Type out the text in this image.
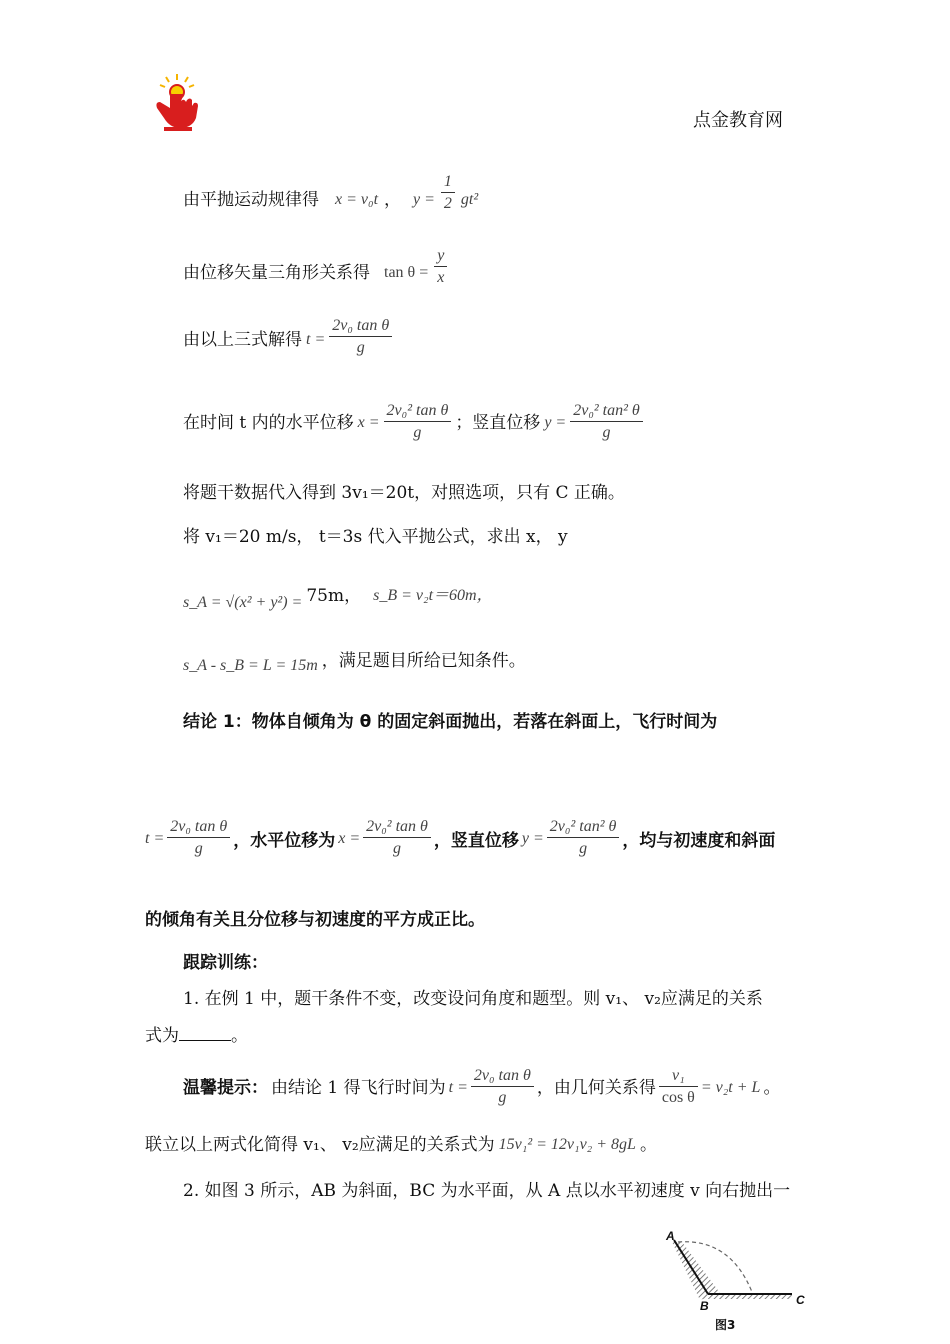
点金教育网
由平抛运动规律得 x = v₀t ， $y = \frac{1}{2} gt^2$
由位移矢量三角形关系得 $\tan \theta = \frac{y}{x}$
由以上三式解得 $t = \frac{\text{2v₀ tan θ}}{g}$
在时间 t 内的水平位移 $x = \frac{\text{2v₀² tan θ}}{g}$ ；竖直位移 $y = \frac{\text{2v₀² tan² θ}}{g}$
将题干数据代入得到 3v₁＝20t，对照选项，只有 C 正确。
将 v₁＝20 m/s， t＝3s 代入平抛公式，求出 x， y
s_A = √(x² + y²) = 75m， s_B = v₂t＝60m，
s_A - s_B = L = 15m ，满足题目所给已知条件。
结论 1：物体自倾角为 θ 的固定斜面抛出，若落在斜面上，飞行时间为
$t = \frac{\text{2v₀ tan θ}}{g}$ ，水平位移为 $x = \frac{\text{2v₀² tan θ}}{g}$ ，竖直位移 $y = \frac{\text{2v₀² tan² θ}}{g}$ ，均与初速度和斜面
的倾角有关且分位移与初速度的平方成正比。
跟踪训练：
1. 在例 1 中，题干条件不变，改变设问角度和题型。则 v₁、 v₂应满足的关系
式为	。
温馨提示： 由结论 1 得飞行时间为 $t = \frac{\text{2v₀ tan θ}}{g}$ ，由几何关系得 $\frac{\text{v₁}}{\text{cos θ}} = v_2t + L$ 。
联立以上两式化简得 v₁、 v₂应满足的关系式为 15v₁² = 12v₁v₂ + 8gL 。
2. 如图 3 所示，AB 为斜面，BC 为水平面，从 A 点以水平初速度 v 向右抛出一
A
B	C
图3
